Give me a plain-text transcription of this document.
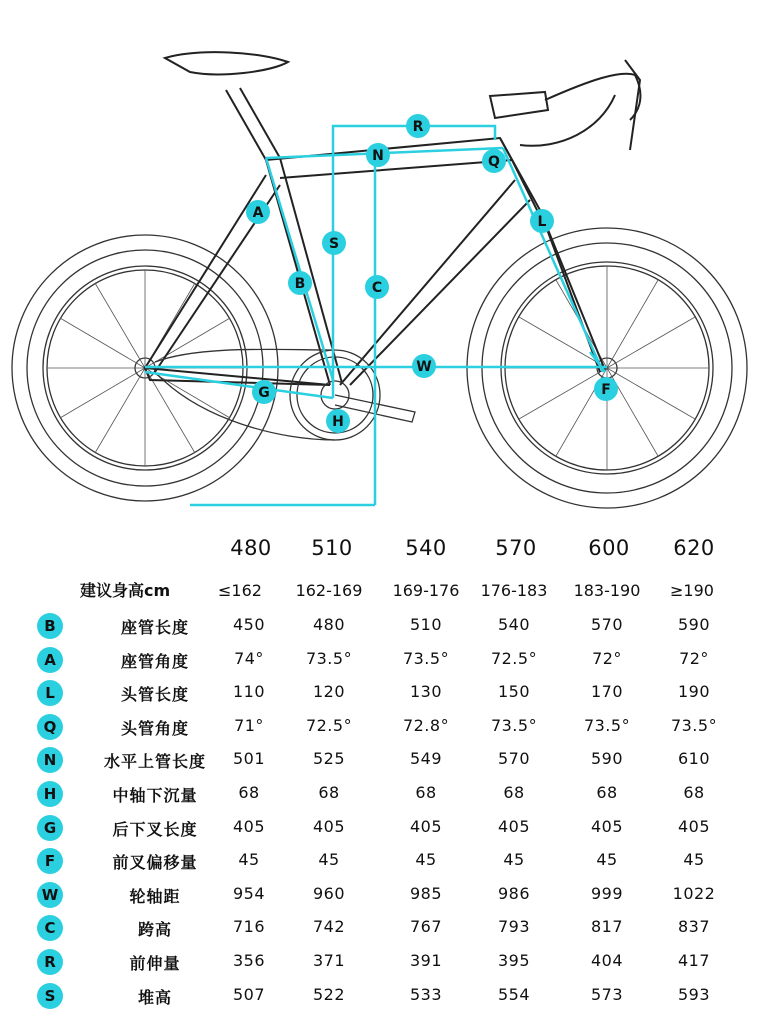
R
N	Q
A
S
L
B	C
W
F
G
H
480	510	540	570	600	620
建议身高cm	≤162	162-169	169-176	176-183	183-190	≥190
B	座管长度	450	480	510	540	570	590
A	座管角度	74°	73.5°	73.5°	72.5°	72°	72°
L	头管长度	110	120	130	150	170	190
Q	头管角度	71°	72.5°	72.8°	73.5°	73.5°	73.5°
N	水平上管长度	501	525	549	570	590	610
H	中轴下沉量	68	68	68	68	68	68
G	后下叉长度	405	405	405	405	405	405
F	前叉偏移量	45	45	45	45	45	45
W	轮轴距	954	960	985	986	999	1022
C	跨高	716	742	767	793	817	837
R	前伸量	356	371	391	395	404	417
S	堆高	507	522	533	554	573	593
